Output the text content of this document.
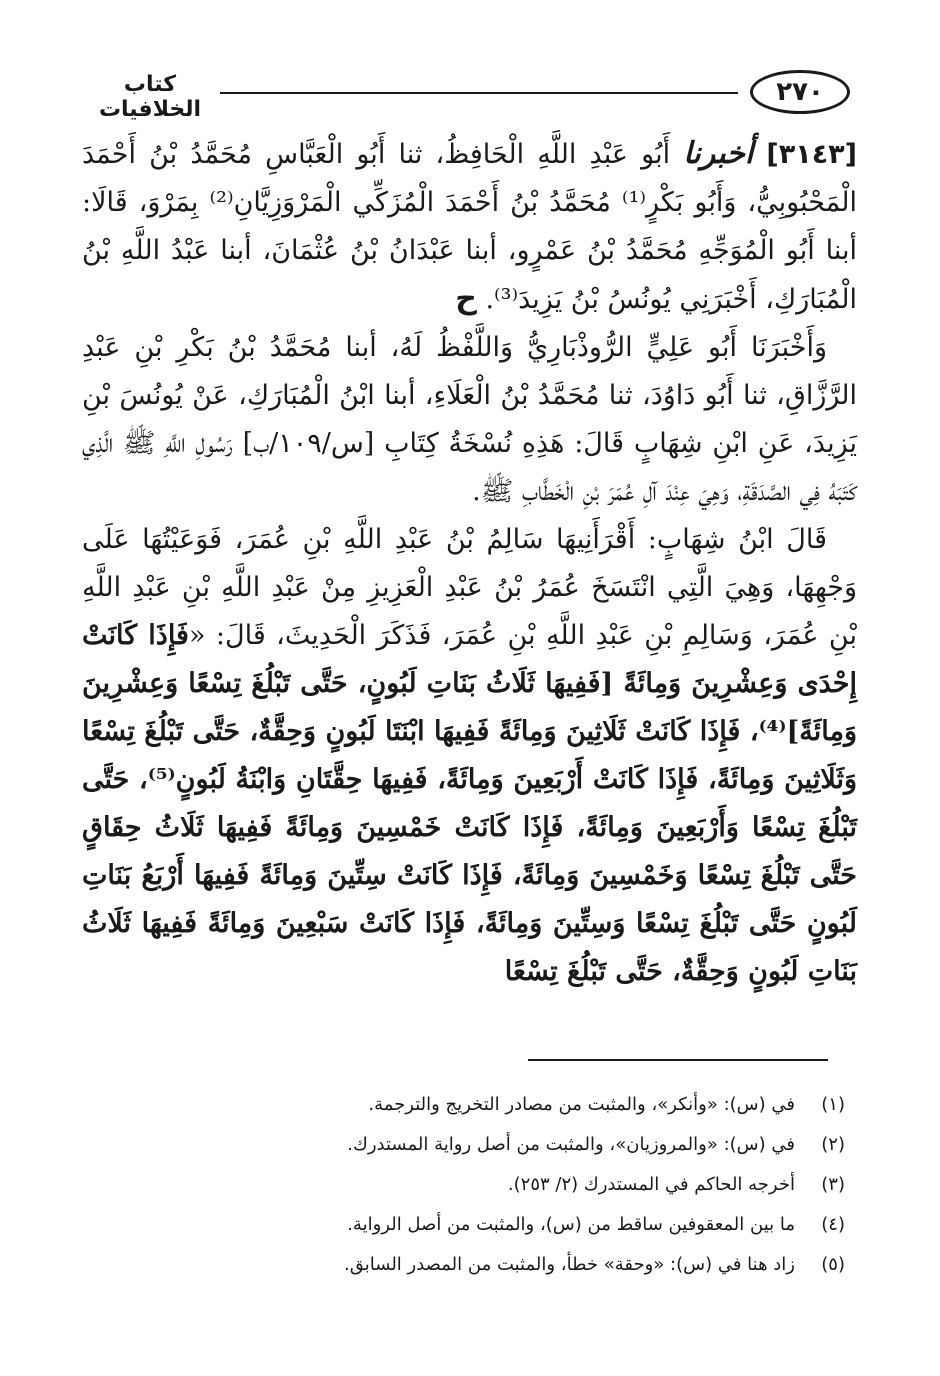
٢٧٠
كتاب الخلافيات

[٣١٤٣] أخبرنا أَبُو عَبْدِ اللَّهِ الْحَافِظُ، ثنا أَبُو الْعَبَّاسِ مُحَمَّدُ بْنُ أَحْمَدَ الْمَحْبُوبِيُّ، وَأَبُو بَكْرٍ⁽¹⁾ مُحَمَّدُ بْنُ أَحْمَدَ الْمُزَكِّي الْمَرْوَزِيَّانِ⁽²⁾ بِمَرْوَ، قَالَا: أبنا أَبُو الْمُوَجِّهِ مُحَمَّدُ بْنُ عَمْرٍو، أبنا عَبْدَانُ بْنُ عُثْمَانَ، أبنا عَبْدُ اللَّهِ بْنُ الْمُبَارَكِ، أَخْبَرَنِي يُونُسُ بْنُ يَزِيدَ⁽³⁾. ح

وَأَخْبَرَنَا أَبُو عَلِيٍّ الرُّوذْبَارِيُّ وَاللَّفْظُ لَهُ، أبنا مُحَمَّدُ بْنُ بَكْرِ بْنِ عَبْدِ الرَّزَّاقِ، ثنا أَبُو دَاوُدَ، ثنا مُحَمَّدُ بْنُ الْعَلَاءِ، أبنا ابْنُ الْمُبَارَكِ، عَنْ يُونُسَ بْنِ يَزِيدَ، عَنِ ابْنِ شِهَابٍ قَالَ: هَذِهِ نُسْخَةُ كِتَابِ [س/١٠٩/ب] رَسُولِ اللَّهِ ﷺ الَّذِي كَتَبَهُ فِي الصَّدَقَةِ، وَهِيَ عِنْدَ آلِ عُمَرَ بْنِ الْخَطَّابِ ﷺ.

قَالَ ابْنُ شِهَابٍ: أَقْرَأَنِيهَا سَالِمُ بْنُ عَبْدِ اللَّهِ بْنِ عُمَرَ، فَوَعَيْتُهَا عَلَى وَجْهِهَا، وَهِيَ الَّتِي انْتَسَخَ عُمَرُ بْنُ عَبْدِ الْعَزِيزِ مِنْ عَبْدِ اللَّهِ بْنِ عَبْدِ اللَّهِ بْنِ عُمَرَ، وَسَالِمِ بْنِ عَبْدِ اللَّهِ بْنِ عُمَرَ، فَذَكَرَ الْحَدِيثَ، قَالَ: «فَإِذَا كَانَتْ إِحْدَى وَعِشْرِينَ وَمِائَةً [فَفِيهَا ثَلَاثُ بَنَاتِ لَبُونٍ، حَتَّى تَبْلُغَ تِسْعًا وَعِشْرِينَ وَمِائَةً]⁽⁴⁾، فَإِذَا كَانَتْ ثَلَاثِينَ وَمِائَةً فَفِيهَا ابْنَتَا لَبُونٍ وَحِقَّةٌ، حَتَّى تَبْلُغَ تِسْعًا وَثَلَاثِينَ وَمِائَةً، فَإِذَا كَانَتْ أَرْبَعِينَ وَمِائَةً، فَفِيهَا حِقَّتَانِ وَابْنَةُ لَبُونٍ⁽⁵⁾، حَتَّى تَبْلُغَ تِسْعًا وَأَرْبَعِينَ وَمِائَةً، فَإِذَا كَانَتْ خَمْسِينَ وَمِائَةً فَفِيهَا ثَلَاثُ حِقَاقٍ حَتَّى تَبْلُغَ تِسْعًا وَخَمْسِينَ وَمِائَةً، فَإِذَا كَانَتْ سِتِّينَ وَمِائَةً فَفِيهَا أَرْبَعُ بَنَاتِ لَبُونٍ حَتَّى تَبْلُغَ تِسْعًا وَسِتِّينَ وَمِائَةً، فَإِذَا كَانَتْ سَبْعِينَ وَمِائَةً فَفِيهَا ثَلَاثُ بَنَاتِ لَبُونٍ وَحِقَّةٌ، حَتَّى تَبْلُغَ تِسْعًا

(١)
في (س): «وأنكر»، والمثبت من مصادر التخريج والترجمة.
(٢)
في (س): «والمروزيان»، والمثبت من أصل رواية المستدرك.
(٣)
أخرجه الحاكم في المستدرك (٢/ ٢٥٣).
(٤)
ما بين المعقوفين ساقط من (س)، والمثبت من أصل الرواية.
(٥)
زاد هنا في (س): «وحقة» خطأ، والمثبت من المصدر السابق.
